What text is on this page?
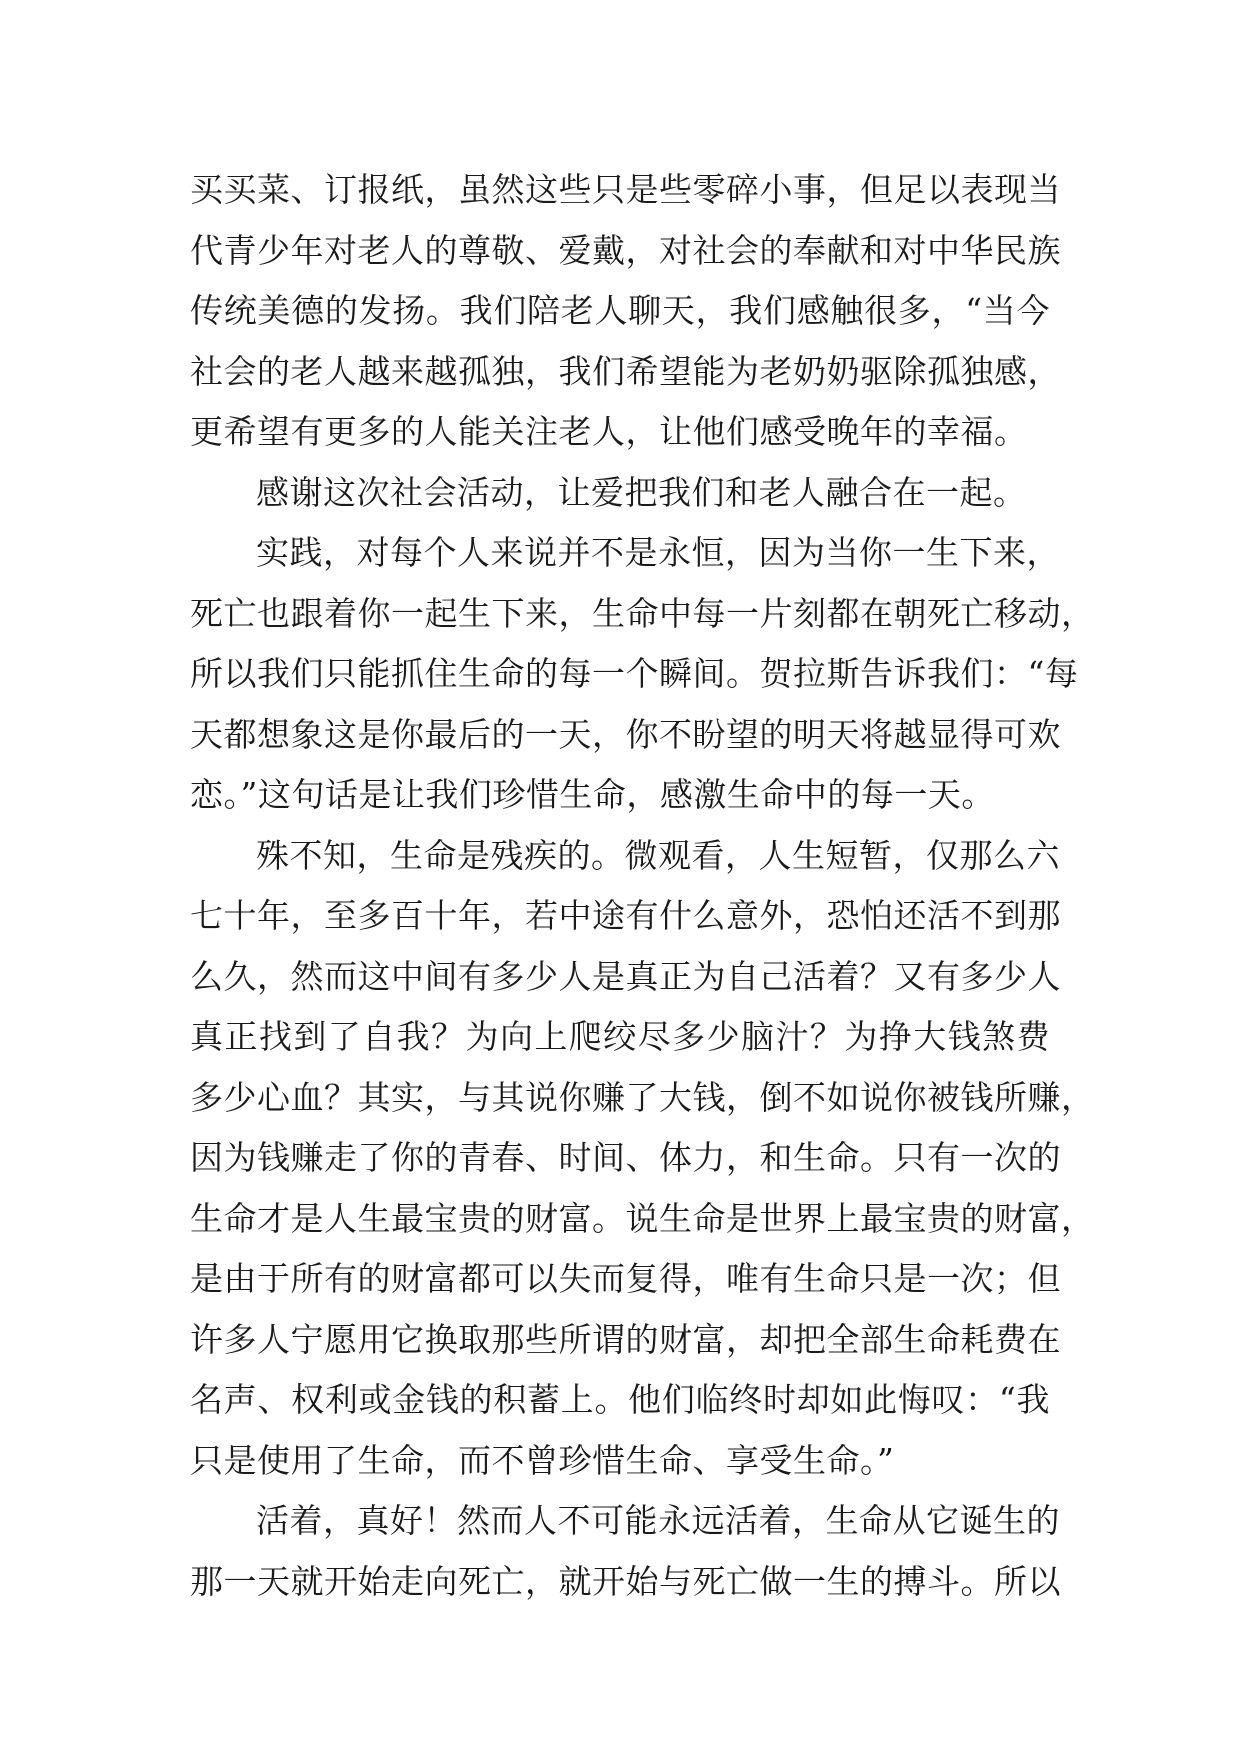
买买菜、订报纸，虽然这些只是些零碎小事，但足以表现当
代青少年对老人的尊敬、爱戴，对社会的奉献和对中华民族
传统美德的发扬。我们陪老人聊天，我们感触很多，“当今
社会的老人越来越孤独，我们希望能为老奶奶驱除孤独感，
更希望有更多的人能关注老人，让他们感受晚年的幸福。
感谢这次社会活动，让爱把我们和老人融合在一起。
实践，对每个人来说并不是永恒，因为当你一生下来，
死亡也跟着你一起生下来，生命中每一片刻都在朝死亡移动，
所以我们只能抓住生命的每一个瞬间。贺拉斯告诉我们：“每
天都想象这是你最后的一天，你不盼望的明天将越显得可欢
恋。”这句话是让我们珍惜生命，感激生命中的每一天。
殊不知，生命是残疾的。微观看，人生短暂，仅那么六
七十年，至多百十年，若中途有什么意外，恐怕还活不到那
么久，然而这中间有多少人是真正为自己活着？又有多少人
真正找到了自我？为向上爬绞尽多少脑汁？为挣大钱煞费
多少心血？其实，与其说你赚了大钱，倒不如说你被钱所赚，
因为钱赚走了你的青春、时间、体力，和生命。只有一次的
生命才是人生最宝贵的财富。说生命是世界上最宝贵的财富，
是由于所有的财富都可以失而复得，唯有生命只是一次；但
许多人宁愿用它换取那些所谓的财富，却把全部生命耗费在
名声、权利或金钱的积蓄上。他们临终时却如此悔叹：“我
只是使用了生命，而不曾珍惜生命、享受生命。”
活着，真好！然而人不可能永远活着，生命从它诞生的
那一天就开始走向死亡，就开始与死亡做一生的搏斗。所以
